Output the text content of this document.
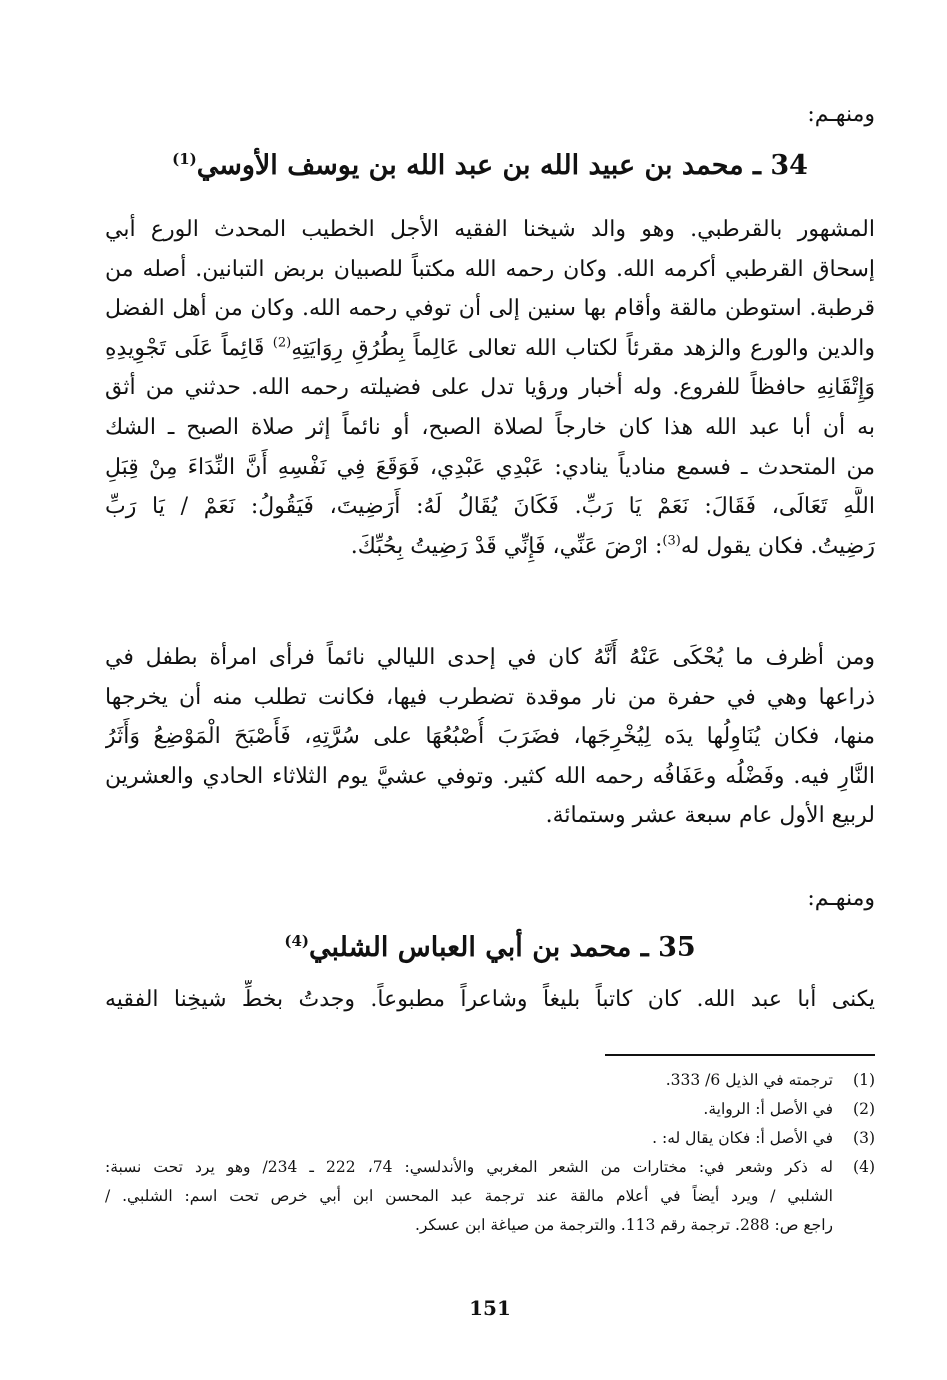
ومنهـم:
34 ـ محمد بن عبيد الله بن عبد الله بن يوسف الأوسي$^{(1)}$

المشهور بالقرطبي. وهو والد شيخنا الفقيه الأجل الخطيب المحدث الورع أبي
إسحاق القرطبي أكرمه الله. وكان رحمه الله مكتباً للصبيان بربض التبانين. أصله من
قرطبة. استوطن مالقة وأقام بها سنين إلى أن توفي رحمه الله. وكان من أهل الفضل
والدين والورع والزهد مقرئاً لكتاب الله تعالى عَالِماً بِطُرُقِ رِوَايَتِهِ$^{(2)}$ قَائِماً عَلَى تَجْوِيدِهِ
وَإِتْقَانِهِ حافظاً للفروع. وله أخبار ورؤيا تدل على فضيلته رحمه الله. حدثني من أثق
به أن أبا عبد الله هذا كان خارجاً لصلاة الصبح، أو نائماً إثر صلاة الصبح ـ الشك
من المتحدث ـ فسمع منادياً ينادي: عَبْدِي عَبْدِي، فَوَقَعَ فِي نَفْسِهِ أَنَّ النِّدَاءَ مِنْ قِبَلِ
اللَّهِ تَعَالَى، فَقَالَ: نَعَمْ يَا رَبِّ. فَكَانَ يُقَالُ لَهُ: أَرَضِيتَ، فَيَقُولُ: نَعَمْ / يَا رَبِّ
رَضِيتُ. فكان يقول له$^{(3)}$: ارْضَ عَنِّي، فَإِنِّي قَدْ رَضِيتُ بِحُبِّكَ.

ومن أظرف ما يُحْكَى عَنْهُ أَنَّهُ كان في إحدى الليالي نائماً فرأى امرأة بطفل في
ذراعها وهي في حفرة من نار موقدة تضطرب فيها، فكانت تطلب منه أن يخرجها
منها، فكان يُنَاوِلُها يدَه لِيُخْرِجَها، فضَرَبَ أُصْبُعُهَا على سُرَّتِهِ، فَأَصْبَحَ الْمَوْضِعُ وَأَثَرُ
النَّارِ فيه. وفَضْلُه وعَفَافُه رحمه الله كثير. وتوفي عشيَّ يوم الثلاثاء الحادي والعشرين
لربيع الأول عام سبعة عشر وستمائة.

ومنهـم:
35 ـ محمد بن أبي العباس الشلبي$^{(4)}$

يكنى أبا عبد الله. كان كاتباً بليغاً وشاعراً مطبوعاً. وجدتُ بخطِّ شيخِنا الفقيه

(1)
ترجمته في الذيل 6/ 333.
(2)
في الأصل أ: الرواية.
(3)
في الأصل أ: فكان يقال له: .
(4)
له ذكر وشعر في: مختارات من الشعر المغربي والأندلسي: 74، 222 ـ 234/ وهو يرد تحت نسبة:
الشلبي / ويرد أيضاً في أعلام مالقة عند ترجمة عبد المحسن ابن أبي خرص تحت اسم: الشلبي. /
راجع ص: 288. ترجمة رقم 113. والترجمة من صياغة ابن عسكر.
151
